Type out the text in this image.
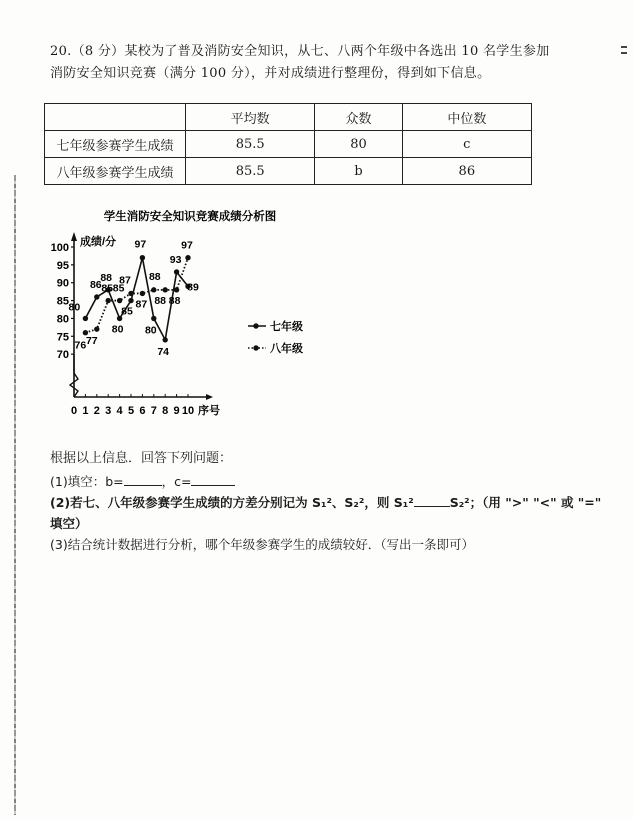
20.（8 分）某校为了普及消防安全知识，从七、八两个年级中各选出 10 名学生参加
消防安全知识竞赛（满分 100 分），并对成绩进行整理份，得到如下信息。
	平均数	众数	中位数
七年级参赛学生成绩	85.5	80	c
八年级参赛学生成绩	85.5	b	86
学生消防安全知识竞赛成绩分析图
成绩/分
70
75
80
85
90
95
100
0 1 2 3 4 5 6 7 8 9 10 序号
80
86
88
80
85
97
80
74
93
89
76 77
85 85
87
87
88
88 88
97
七年级
八年级
根据以上信息．回答下列问题：
(1)填空：b=	，c=
(2)若七、八年级参赛学生成绩的方差分别记为 S₁²、S₂²，则 S₁²	S₂²；（用 ">" "<" 或 "="
填空）
(3)结合统计数据进行分析，哪个年级参赛学生的成绩较好．（写出一条即可）
